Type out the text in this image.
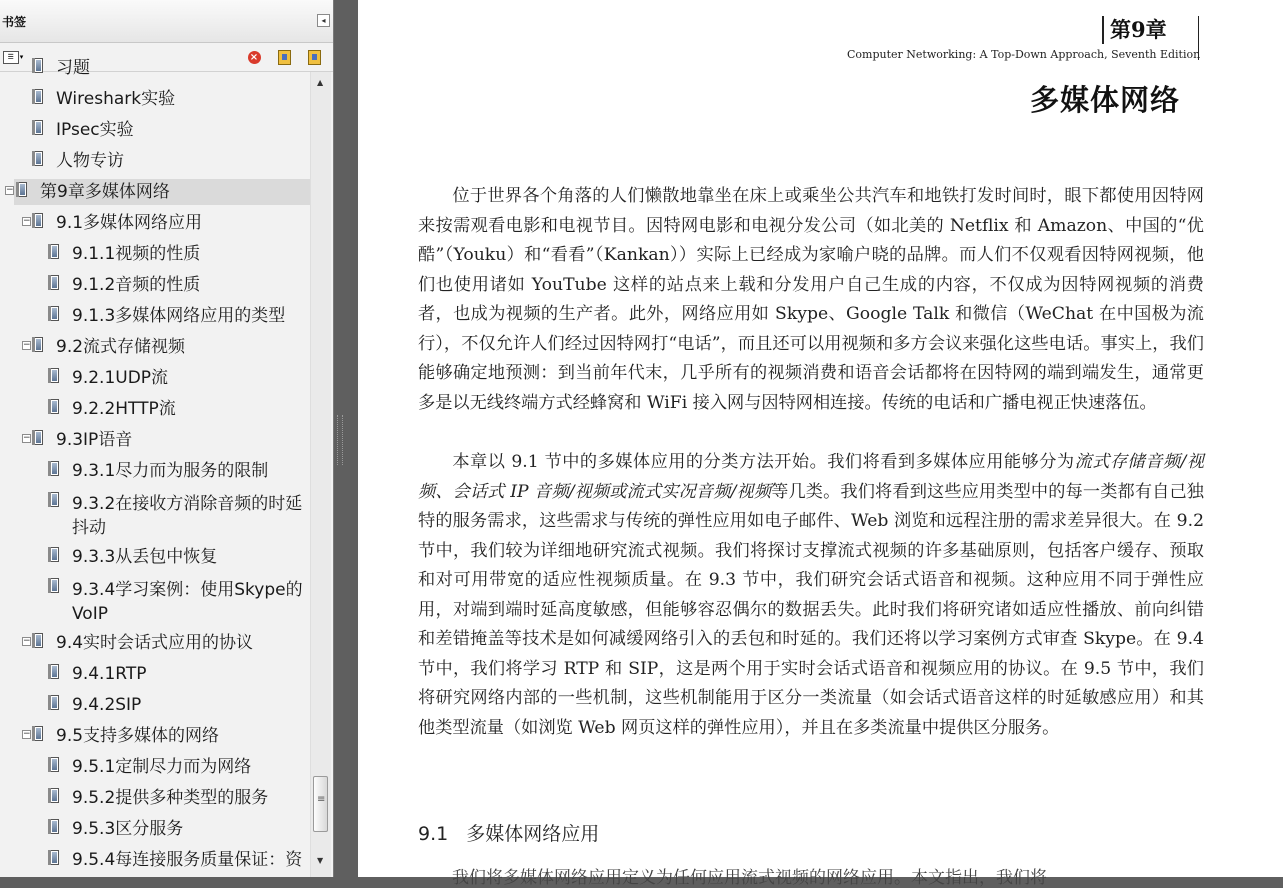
书签	◂
☰ ▾	×
习题
Wireshark实验
IPsec实验
人物专访
− 第9章多媒体网络
− 9.1多媒体网络应用
9.1.1视频的性质
9.1.2音频的性质
9.1.3多媒体网络应用的类型
− 9.2流式存储视频
9.2.1UDP流
9.2.2HTTP流
− 9.3IP语音
9.3.1尽力而为服务的限制
9.3.2在接收方消除音频的时延抖动
9.3.3从丢包中恢复
9.3.4学习案例：使用Skype的VoIP
− 9.4实时会话式应用的协议
9.4.1RTP
9.4.2SIP
− 9.5支持多媒体的网络
9.5.1定制尽力而为网络
9.5.2提供多种类型的服务
9.5.3区分服务
9.5.4每连接服务质量保证：资
▲
≡
▼
第9章
Computer Networking: A Top-Down Approach, Seventh Edition
多媒体网络

位于世界各个角落的人们懒散地靠坐在床上或乘坐公共汽车和地铁打发时间时，眼下都使用因特网来按需观看电影和电视节目。因特网电影和电视分发公司（如北美的 Netflix 和 Amazon、中国的“优酷”（Youku）和“看看”（Kankan））实际上已经成为家喻户晓的品牌。而人们不仅观看因特网视频，他们也使用诸如 YouTube 这样的站点来上载和分发用户自己生成的内容，不仅成为因特网视频的消费者，也成为视频的生产者。此外，网络应用如 Skype、Google Talk 和微信（WeChat 在中国极为流行），不仅允许人们经过因特网打“电话”，而且还可以用视频和多方会议来强化这些电话。事实上，我们能够确定地预测：到当前年代末，几乎所有的视频消费和语音会话都将在因特网的端到端发生，通常更多是以无线终端方式经蜂窝和 WiFi 接入网与因特网相连接。传统的电话和广播电视正快速落伍。

本章以 9.1 节中的多媒体应用的分类方法开始。我们将看到多媒体应用能够分为流式存储音频/视频、会话式 IP 音频/视频或流式实况音频/视频等几类。我们将看到这些应用类型中的每一类都有自己独特的服务需求，这些需求与传统的弹性应用如电子邮件、Web 浏览和远程注册的需求差异很大。在 9.2 节中，我们较为详细地研究流式视频。我们将探讨支撑流式视频的许多基础原则，包括客户缓存、预取和对可用带宽的适应性视频质量。在 9.3 节中，我们研究会话式语音和视频。这种应用不同于弹性应用，对端到端时延高度敏感，但能够容忍偶尔的数据丢失。此时我们将研究诸如适应性播放、前向纠错和差错掩盖等技术是如何减缓网络引入的丢包和时延的。我们还将以学习案例方式审查 Skype。在 9.4 节中，我们将学习 RTP 和 SIP，这是两个用于实时会话式语音和视频应用的协议。在 9.5 节中，我们将研究网络内部的一些机制，这些机制能用于区分一类流量（如会话式语音这样的时延敏感应用）和其他类型流量（如浏览 Web 网页这样的弹性应用），并且在多类流量中提供区分服务。

9.1 多媒体网络应用
我们将多媒体网络应用定义为任何应用流式视频的网络应用。本文指出，我们将
